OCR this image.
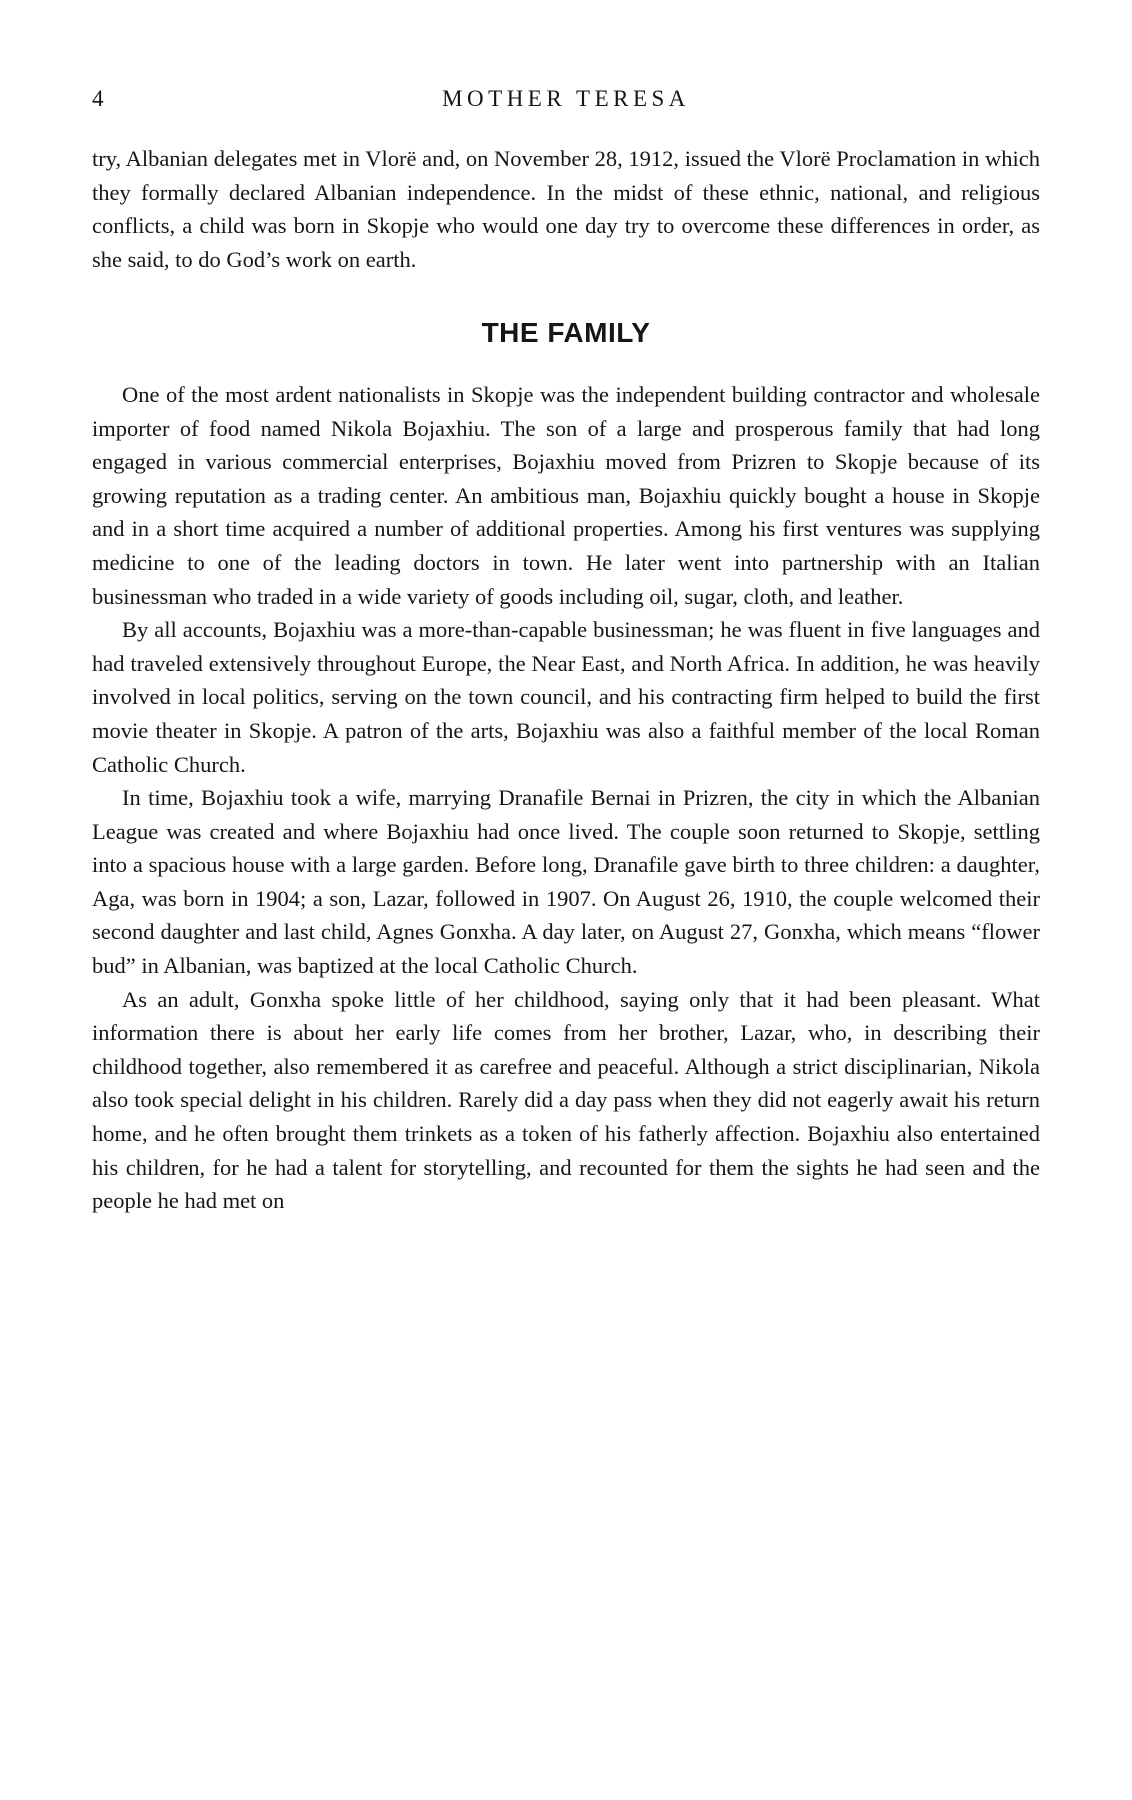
4	MOTHER TERESA

try, Albanian delegates met in Vlorë and, on November 28, 1912, issued the Vlorë Proclamation in which they formally declared Albanian independence. In the midst of these ethnic, national, and religious conflicts, a child was born in Skopje who would one day try to overcome these differences in order, as she said, to do God’s work on earth.

THE FAMILY

One of the most ardent nationalists in Skopje was the independent building contractor and wholesale importer of food named Nikola Bojaxhiu. The son of a large and prosperous family that had long engaged in various commercial enterprises, Bojaxhiu moved from Prizren to Skopje because of its growing reputation as a trading center. An ambitious man, Bojaxhiu quickly bought a house in Skopje and in a short time acquired a number of additional properties. Among his first ventures was supplying medicine to one of the leading doctors in town. He later went into partnership with an Italian businessman who traded in a wide variety of goods including oil, sugar, cloth, and leather.

By all accounts, Bojaxhiu was a more-than-capable businessman; he was fluent in five languages and had traveled extensively throughout Europe, the Near East, and North Africa. In addition, he was heavily involved in local politics, serving on the town council, and his contracting firm helped to build the first movie theater in Skopje. A patron of the arts, Bojaxhiu was also a faithful member of the local Roman Catholic Church.

In time, Bojaxhiu took a wife, marrying Dranafile Bernai in Prizren, the city in which the Albanian League was created and where Bojaxhiu had once lived. The couple soon returned to Skopje, settling into a spacious house with a large garden. Before long, Dranafile gave birth to three children: a daughter, Aga, was born in 1904; a son, Lazar, followed in 1907. On August 26, 1910, the couple welcomed their second daughter and last child, Agnes Gonxha. A day later, on August 27, Gonxha, which means “flower bud” in Albanian, was baptized at the local Catholic Church.

As an adult, Gonxha spoke little of her childhood, saying only that it had been pleasant. What information there is about her early life comes from her brother, Lazar, who, in describing their childhood together, also remembered it as carefree and peaceful. Although a strict disciplinarian, Nikola also took special delight in his children. Rarely did a day pass when they did not eagerly await his return home, and he often brought them trinkets as a token of his fatherly affection. Bojaxhiu also entertained his children, for he had a talent for storytelling, and recounted for them the sights he had seen and the people he had met on
